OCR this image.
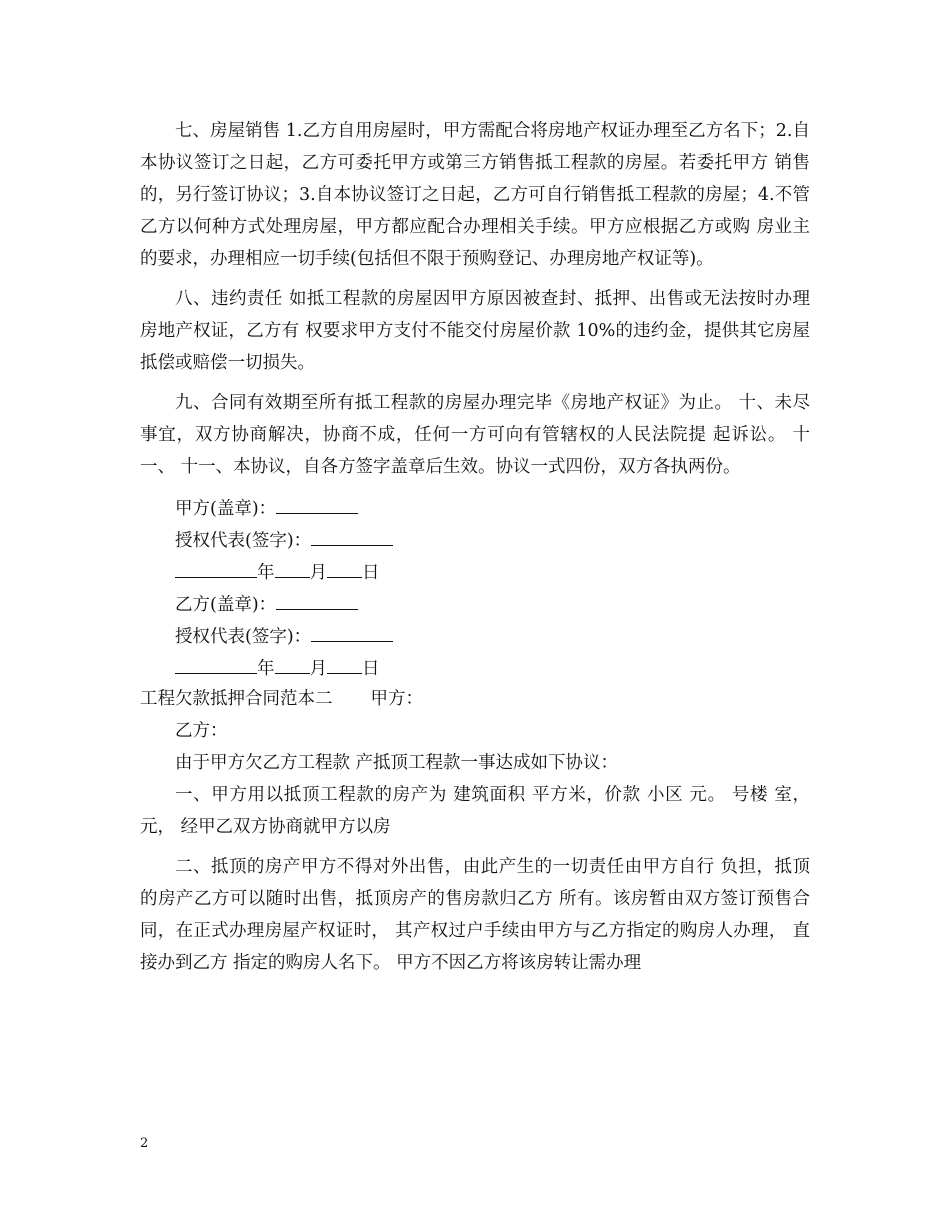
七、房屋销售 1.乙方自用房屋时，甲方需配合将房地产权证办理至乙方名下；2.自本协议签订之日起，乙方可委托甲方或第三方销售抵工程款的房屋。若委托甲方 销售的，另行签订协议；3.自本协议签订之日起，乙方可自行销售抵工程款的房屋；4.不管乙方以何种方式处理房屋，甲方都应配合办理相关手续。甲方应根据乙方或购 房业主的要求，办理相应一切手续(包括但不限于预购登记、办理房地产权证等)。

八、违约责任 如抵工程款的房屋因甲方原因被查封、抵押、出售或无法按时办理房地产权证，乙方有 权要求甲方支付不能交付房屋价款 10%的违约金，提供其它房屋抵偿或赔偿一切损失。

九、合同有效期至所有抵工程款的房屋办理完毕《房地产权证》为止。 十、未尽事宜，双方协商解决，协商不成，任何一方可向有管辖权的人民法院提 起诉讼。 十一、 十一、本协议，自各方签字盖章后生效。协议一式四份，双方各执两份。

甲方(盖章)：
授权代表(签字)：
年 月 日
乙方(盖章)：
授权代表(签字)：
年 月 日
工程欠款抵押合同范本二 甲方：
乙方：
由于甲方欠乙方工程款 产抵顶工程款一事达成如下协议：

一、甲方用以抵顶工程款的房产为 建筑面积 平方米，价款 小区 元。 号楼 室， 元， 经甲乙双方协商就甲方以房

二、抵顶的房产甲方不得对外出售，由此产生的一切责任由甲方自行 负担，抵顶的房产乙方可以随时出售，抵顶房产的售房款归乙方 所有。该房暂由双方签订预售合同，在正式办理房屋产权证时， 其产权过户手续由甲方与乙方指定的购房人办理， 直接办到乙方 指定的购房人名下。 甲方不因乙方将该房转让需办理

2
